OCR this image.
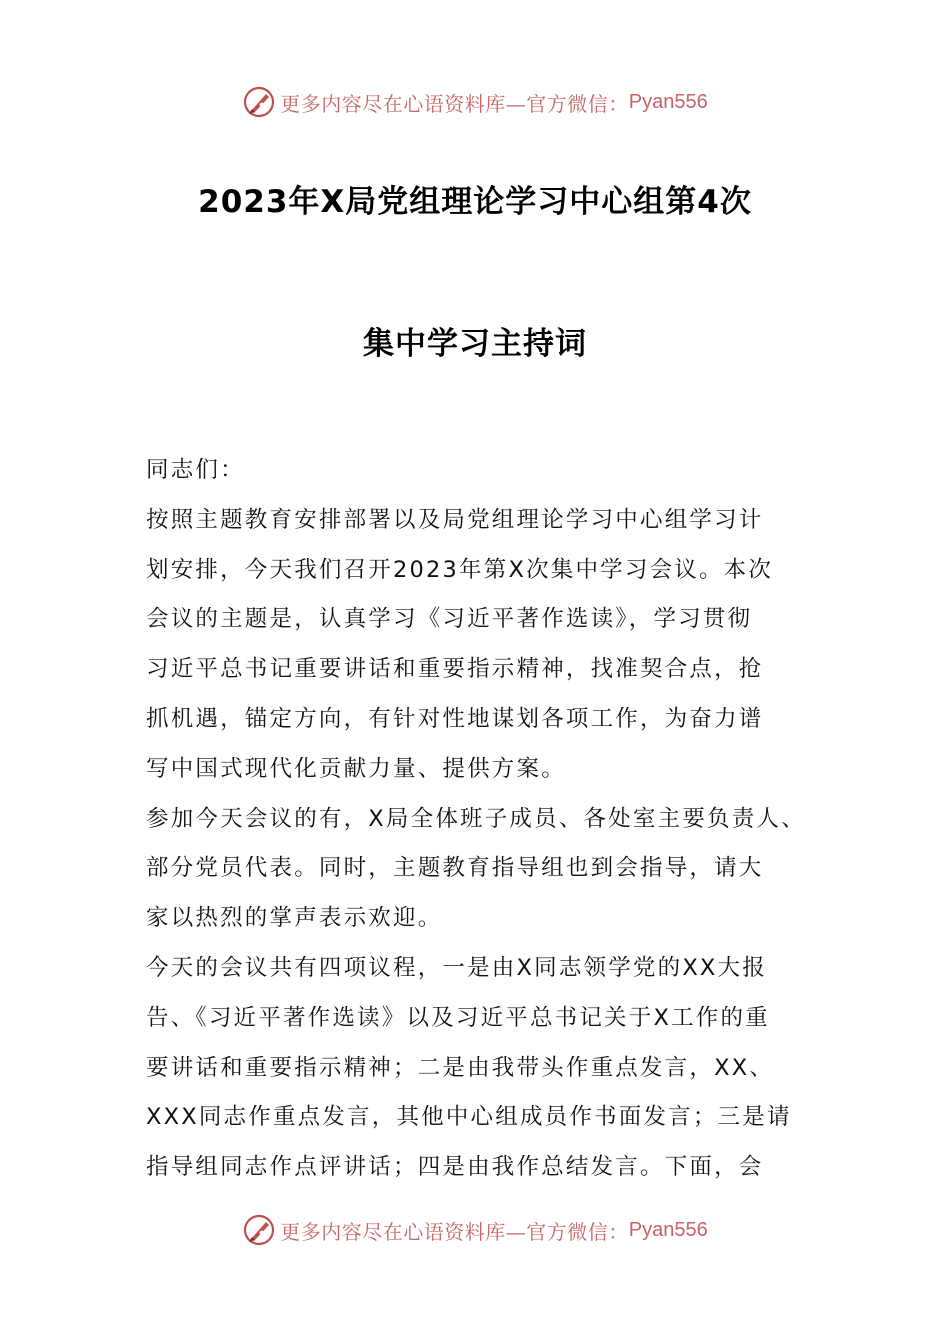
更多内容尽在心语资料库—官方微信： Pyan556
2023年X局党组理论学习中心组第4次
集中学习主持词
同志们：
按照主题教育安排部署以及局党组理论学习中心组学习计
划安排，今天我们召开2023年第X次集中学习会议。本次
会议的主题是，认真学习《习近平著作选读》，学习贯彻
习近平总书记重要讲话和重要指示精神，找准契合点，抢
抓机遇，锚定方向，有针对性地谋划各项工作，为奋力谱
写中国式现代化贡献力量、提供方案。
参加今天会议的有，X局全体班子成员、各处室主要负责人、
部分党员代表。同时，主题教育指导组也到会指导，请大
家以热烈的掌声表示欢迎。
今天的会议共有四项议程，一是由X同志领学党的XX大报
告、《习近平著作选读》以及习近平总书记关于X工作的重
要讲话和重要指示精神；二是由我带头作重点发言，XX、
XXX同志作重点发言，其他中心组成员作书面发言；三是请
指导组同志作点评讲话；四是由我作总结发言。下面，会
更多内容尽在心语资料库—官方微信： Pyan556
